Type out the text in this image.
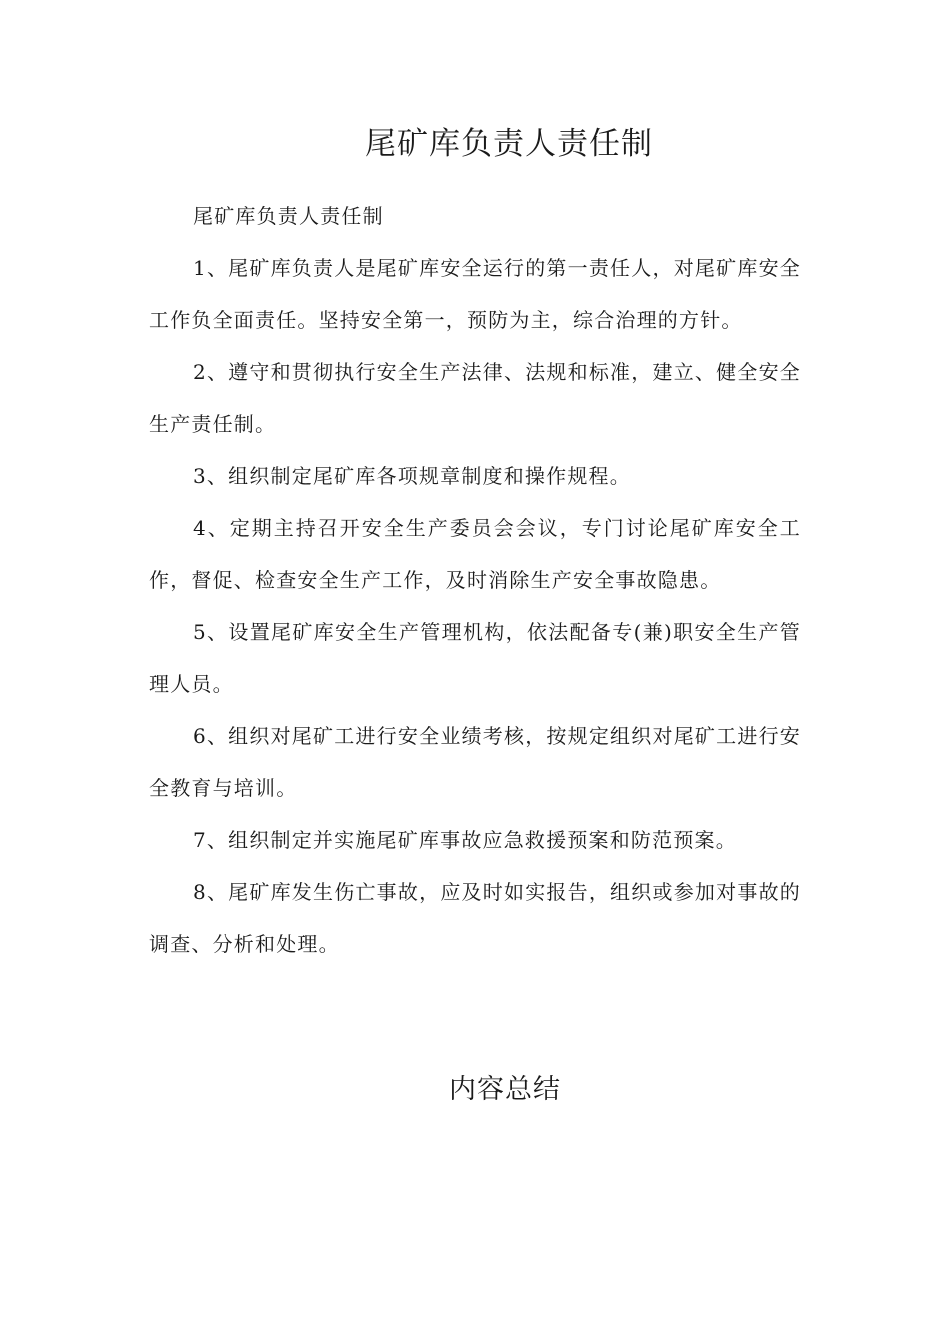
尾矿库负责人责任制

尾矿库负责人责任制

1、尾矿库负责人是尾矿库安全运行的第一责任人，对尾矿库安全工作负全面责任。坚持安全第一，预防为主，综合治理的方针。

2、遵守和贯彻执行安全生产法律、法规和标准，建立、健全安全生产责任制。

3、组织制定尾矿库各项规章制度和操作规程。

4、定期主持召开安全生产委员会会议，专门讨论尾矿库安全工作，督促、检查安全生产工作，及时消除生产安全事故隐患。

5、设置尾矿库安全生产管理机构，依法配备专(兼)职安全生产管理人员。

6、组织对尾矿工进行安全业绩考核，按规定组织对尾矿工进行安全教育与培训。

7、组织制定并实施尾矿库事故应急救援预案和防范预案。

8、尾矿库发生伤亡事故，应及时如实报告，组织或参加对事故的调查、分析和处理。

内容总结
